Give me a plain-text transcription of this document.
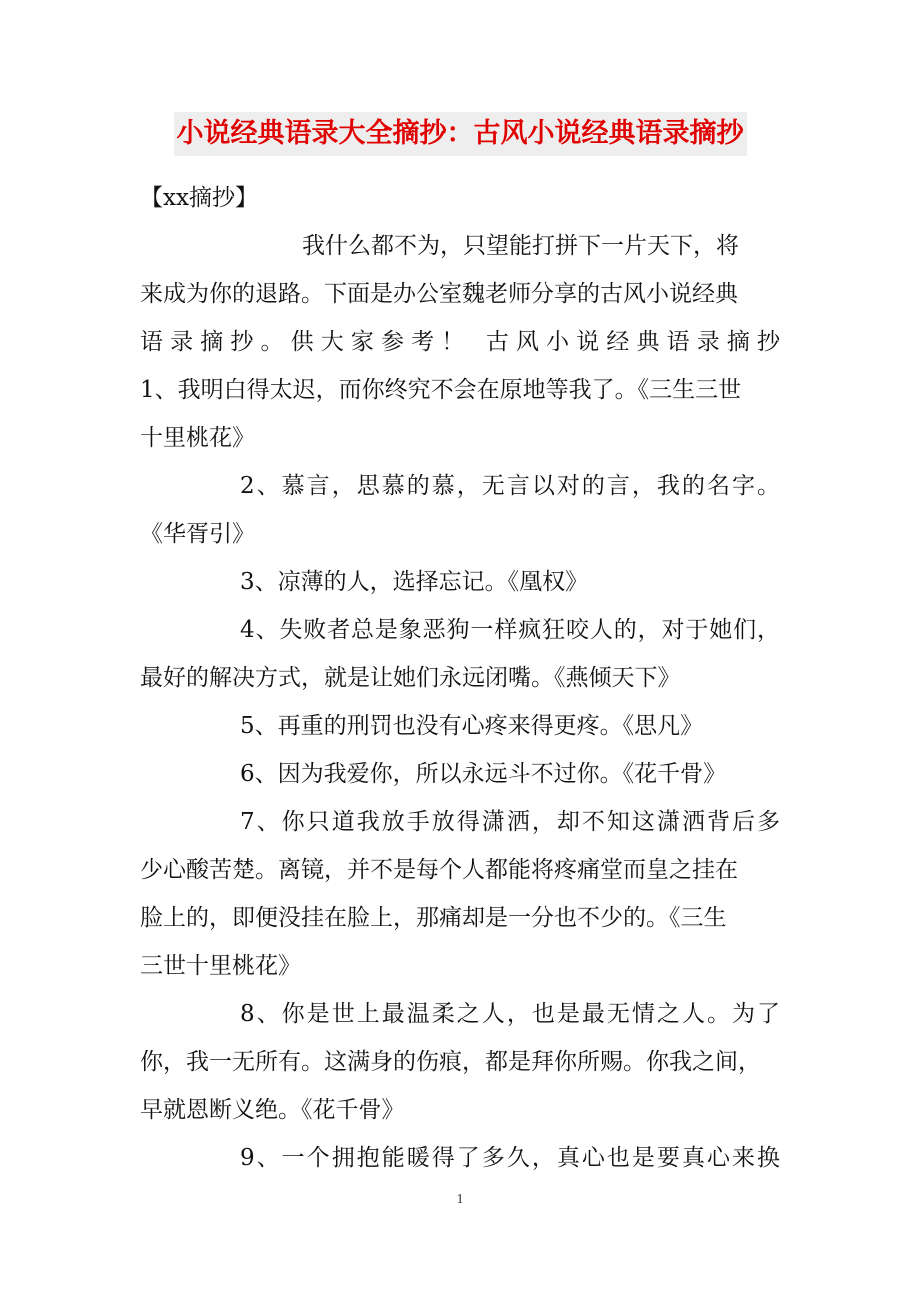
小说经典语录大全摘抄：古风小说经典语录摘抄
【xx摘抄】
我什么都不为，只望能打拼下一片天下，将
来成为你的退路。下面是办公室魏老师分享的古风小说经典
语录摘抄。供大家参考！ 古风小说经典语录摘抄
1、我明白得太迟，而你终究不会在原地等我了。《三生三世
十里桃花》
2、慕言，思慕的慕，无言以对的言，我的名字。
《华胥引》
3、凉薄的人，选择忘记。《凰权》
4、失败者总是象恶狗一样疯狂咬人的，对于她们，
最好的解决方式，就是让她们永远闭嘴。《燕倾天下》
5、再重的刑罚也没有心疼来得更疼。《思凡》
6、因为我爱你，所以永远斗不过你。《花千骨》
7、你只道我放手放得潇洒，却不知这潇洒背后多
少心酸苦楚。离镜，并不是每个人都能将疼痛堂而皇之挂在
脸上的，即便没挂在脸上，那痛却是一分也不少的。《三生
三世十里桃花》
8、你是世上最温柔之人，也是最无情之人。为了
你，我一无所有。这满身的伤痕，都是拜你所赐。你我之间，
早就恩断义绝。《花千骨》
9、一个拥抱能暖得了多久，真心也是要真心来换
1
